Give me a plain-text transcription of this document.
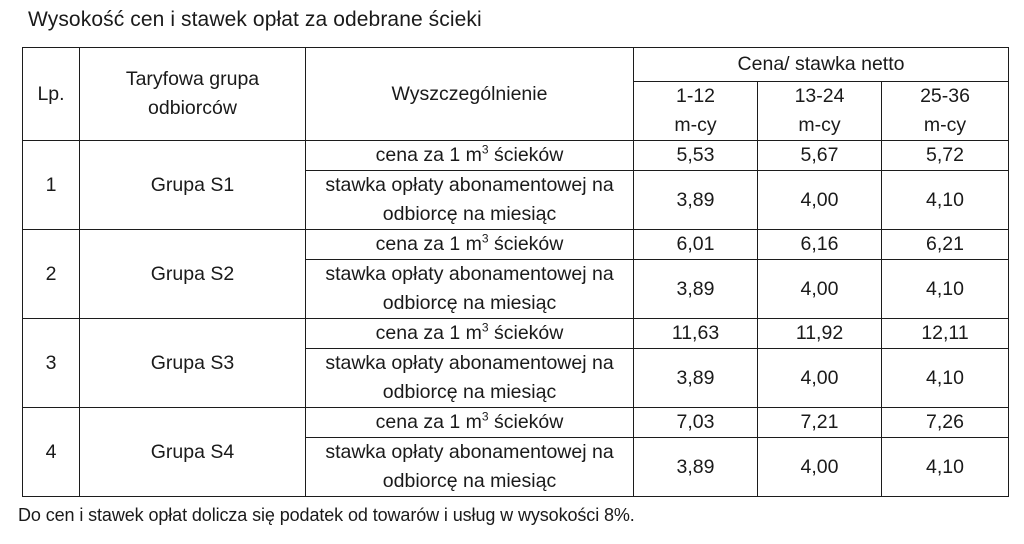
Wysokość cen i stawek opłat za odebrane ścieki
Lp.	Taryfowa grupa odbiorców	Wyszczególnienie	Cena/ stawka netto		
			1-12 m-cy	13-24 m-cy	25-36 m-cy
1	Grupa S1	cena za 1 $m^3$ ścieków	5,53	5,67	5,72
		stawka opłaty abonamentowej na odbiorcę na miesiąc	3,89	4,00	4,10
2	Grupa S2	cena za 1 $m^3$ ścieków	6,01	6,16	6,21
		stawka opłaty abonamentowej na odbiorcę na miesiąc	3,89	4,00	4,10
3	Grupa S3	cena za 1 $m^3$ ścieków	11,63	11,92	12,11
		stawka opłaty abonamentowej na odbiorcę na miesiąc	3,89	4,00	4,10
4	Grupa S4	cena za 1 $m^3$ ścieków	7,03	7,21	7,26
		stawka opłaty abonamentowej na odbiorcę na miesiąc	3,89	4,00	4,10
Do cen i stawek opłat dolicza się podatek od towarów i usług w wysokości 8%.
